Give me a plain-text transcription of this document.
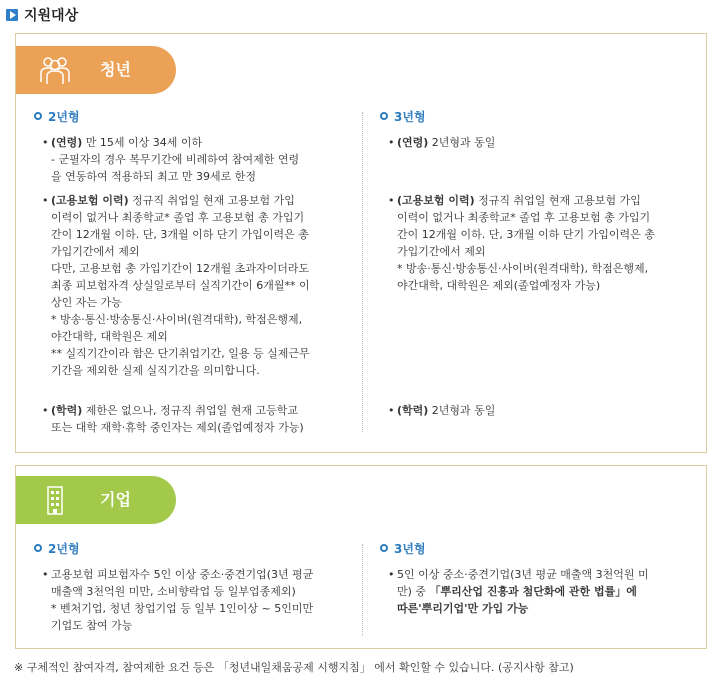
지원대상
청년
2년형
• (연령) 만 15세 이상 34세 이하
- 군필자의 경우 복무기간에 비례하여 참여제한 연령
을 연동하여 적용하되 최고 만 39세로 한정
• (고용보험 이력) 정규직 취업일 현재 고용보험 가입
이력이 없거나 최종학교* 졸업 후 고용보험 총 가입기
간이 12개월 이하. 단, 3개월 이하 단기 가입이력은 총
가입기간에서 제외
다만, 고용보험 총 가입기간이 12개월 초과자이더라도
최종 피보험자격 상실일로부터 실직기간이 6개월** 이
상인 자는 가능
* 방송·통신·방송통신·사이버(원격대학), 학점은행제,
야간대학, 대학원은 제외
** 실직기간이라 함은 단기취업기간, 일용 등 실제근무
기간을 제외한 실제 실직기간을 의미합니다.
• (학력) 제한은 없으나, 정규직 취업일 현재 고등학교
또는 대학 재학·휴학 중인자는 제외(졸업예정자 가능)
3년형
• (연령) 2년형과 동일
• (고용보험 이력) 정규직 취업일 현재 고용보험 가입
이력이 없거나 최종학교* 졸업 후 고용보험 총 가입기
간이 12개월 이하. 단, 3개월 이하 단기 가입이력은 총
가입기간에서 제외
* 방송·통신·방송통신·사이버(원격대학), 학점은행제,
야간대학, 대학원은 제외(졸업예정자 가능)
• (학력) 2년형과 동일
기업
2년형
• 고용보험 피보험자수 5인 이상 중소·중견기업(3년 평균
매출액 3천억원 미만, 소비향락업 등 일부업종제외)
* 벤처기업, 청년 창업기업 등 일부 1인이상 ~ 5인미만
기업도 참여 가능
3년형
• 5인 이상 중소·중견기업(3년 평균 매출액 3천억원 미
만) 중 「뿌리산업 진흥과 첨단화에 관한 법률」에
따른'뿌리기업'만 가입 가능
※ 구체적인 참여자격, 참여제한 요건 등은 「청년내일채움공제 시행지침」 에서 확인할 수 있습니다. (공지사항 참고)
